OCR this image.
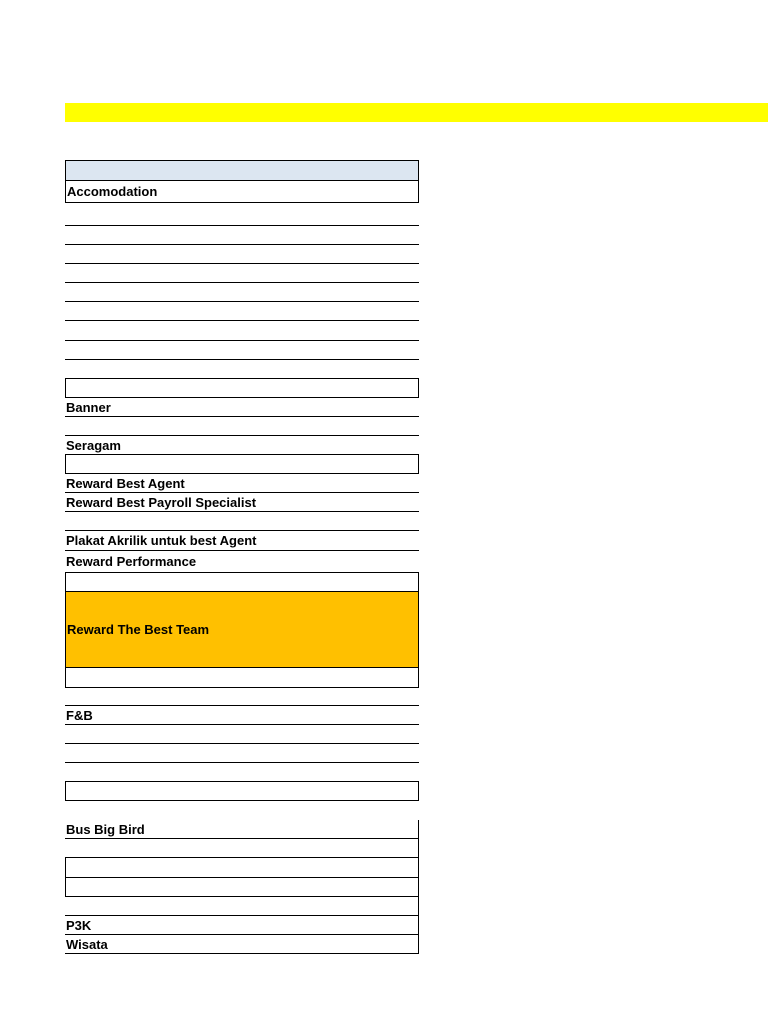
Accomodation
Banner
Seragam
Reward Best Agent
Reward Best Payroll Specialist
Plakat Akrilik untuk best Agent
Reward Performance
Reward The Best Team
F&B
Bus Big Bird
P3K
Wisata
